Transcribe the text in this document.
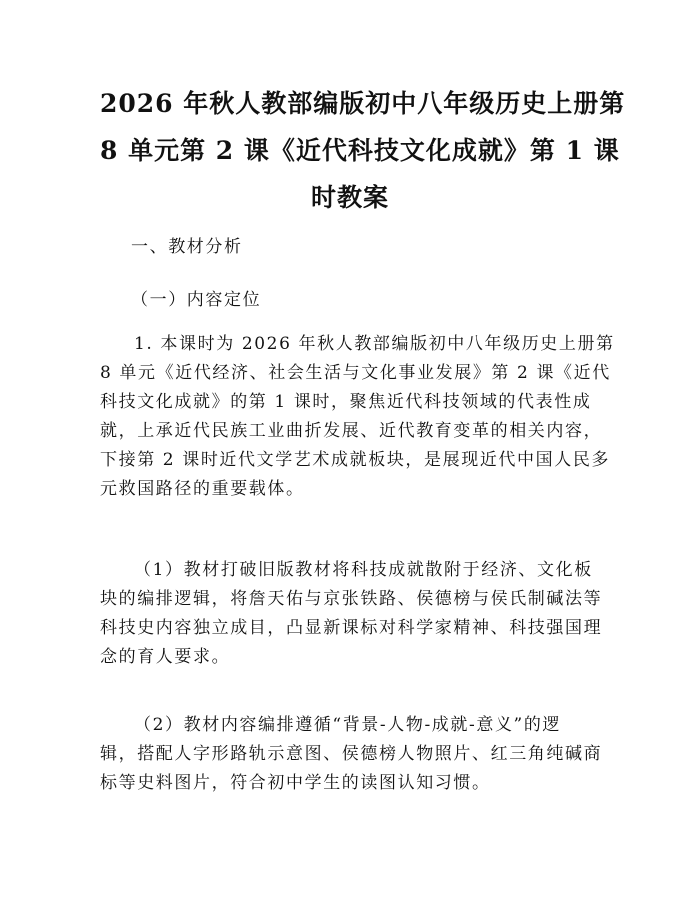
2026 年秋人教部编版初中八年级历史上册第
8 单元第 2 课《近代科技文化成就》第 1 课
时教案
一、教材分析
（一）内容定位
1. 本课时为 2026 年秋人教部编版初中八年级历史上册第
8 单元《近代经济、社会生活与文化事业发展》第 2 课《近代
科技文化成就》的第 1 课时，聚焦近代科技领域的代表性成
就，上承近代民族工业曲折发展、近代教育变革的相关内容，
下接第 2 课时近代文学艺术成就板块，是展现近代中国人民多
元救国路径的重要载体。
（1）教材打破旧版教材将科技成就散附于经济、文化板
块的编排逻辑，将詹天佑与京张铁路、侯德榜与侯氏制碱法等
科技史内容独立成目，凸显新课标对科学家精神、科技强国理
念的育人要求。
（2）教材内容编排遵循“背景-人物-成就-意义”的逻
辑，搭配人字形路轨示意图、侯德榜人物照片、红三角纯碱商
标等史料图片，符合初中学生的读图认知习惯。
